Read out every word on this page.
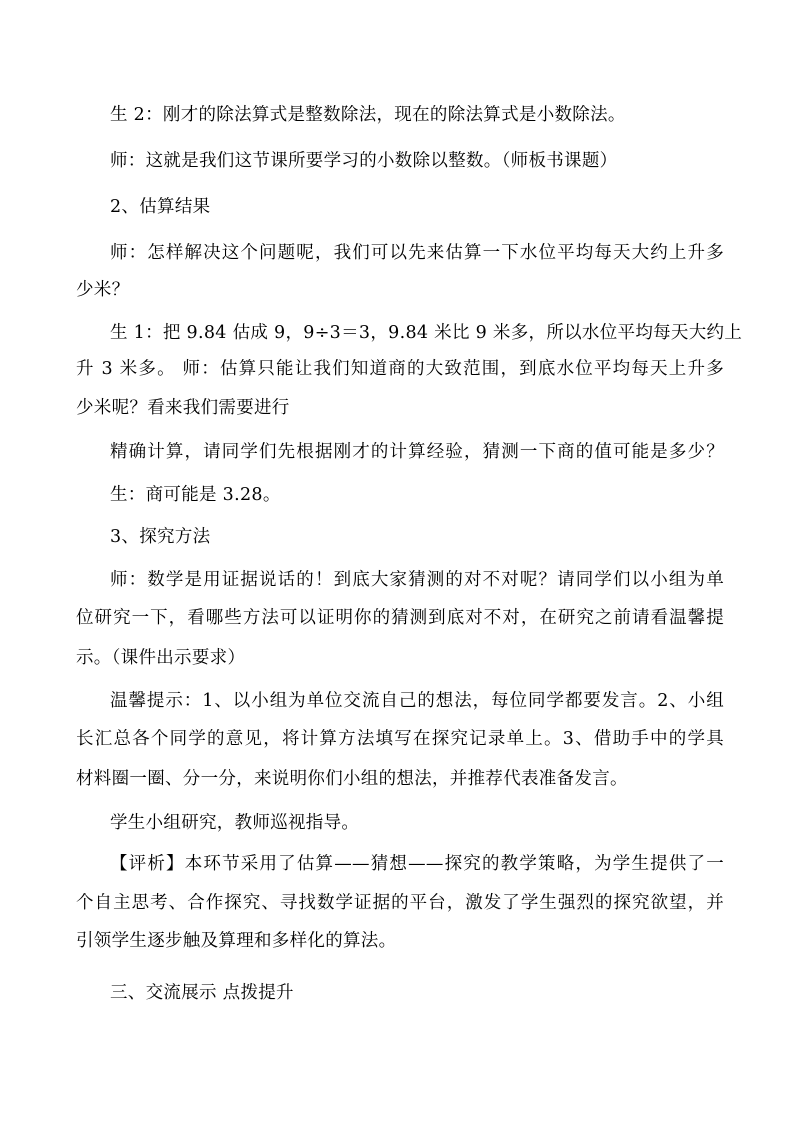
生 2：刚才的除法算式是整数除法，现在的除法算式是小数除法。
师：这就是我们这节课所要学习的小数除以整数。（师板书课题）
2、估算结果
师：怎样解决这个问题呢，我们可以先来估算一下水位平均每天大约上升多
少米？
生 1：把 9.84 估成 9，9÷3＝3，9.84 米比 9 米多，所以水位平均每天大约上
升 3 米多。 师：估算只能让我们知道商的大致范围，到底水位平均每天上升多
少米呢？看来我们需要进行
精确计算，请同学们先根据刚才的计算经验，猜测一下商的值可能是多少？
生：商可能是 3.28。
3、探究方法
师：数学是用证据说话的！到底大家猜测的对不对呢？请同学们以小组为单
位研究一下，看哪些方法可以证明你的猜测到底对不对，在研究之前请看温馨提
示。（课件出示要求）
温馨提示：1、以小组为单位交流自己的想法，每位同学都要发言。2、小组
长汇总各个同学的意见，将计算方法填写在探究记录单上。3、借助手中的学具
材料圈一圈、分一分，来说明你们小组的想法，并推荐代表准备发言。
学生小组研究，教师巡视指导。
【评析】本环节采用了估算——猜想——探究的教学策略，为学生提供了一
个自主思考、合作探究、寻找数学证据的平台，激发了学生强烈的探究欲望，并
引领学生逐步触及算理和多样化的算法。
三、交流展示 点拨提升
